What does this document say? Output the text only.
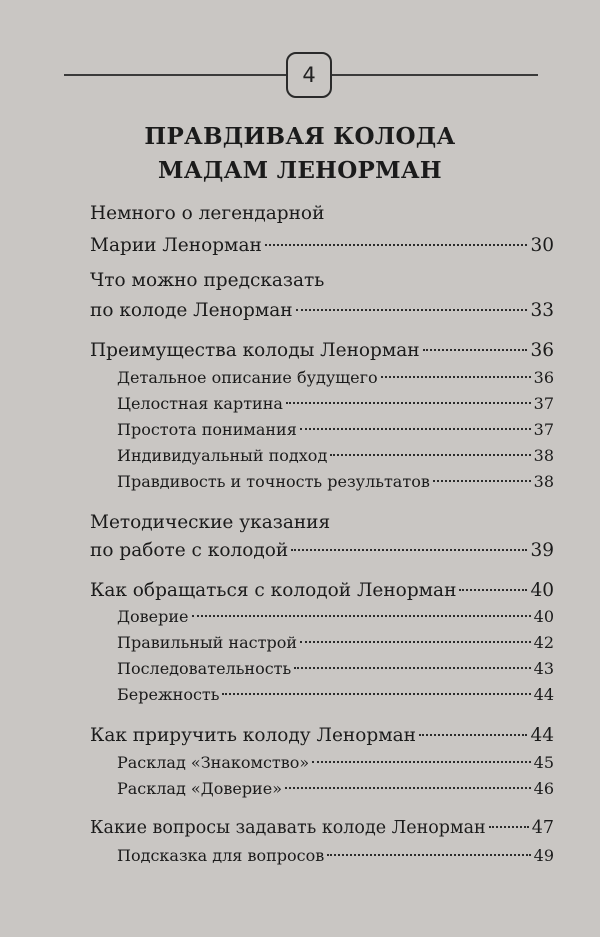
4
ПРАВДИВАЯ КОЛОДА
МАДАМ ЛЕНОРМАН
Немного о легендарной
Марии Ленорман	30
Что можно предсказать
по колоде Ленорман	33
Преимущества колоды Ленорман	36
Детальное описание будущего	36
Целостная картина	37
Простота понимания	37
Индивидуальный подход	38
Правдивость и точность результатов	38
Методические указания
по работе с колодой	39
Как обращаться с колодой Ленорман	40
Доверие	40
Правильный настрой	42
Последовательность	43
Бережность	44
Как приручить колоду Ленорман	44
Расклад «Знакомство»	45
Расклад «Доверие»	46
Какие вопросы задавать колоде Ленорман	47
Подсказка для вопросов	49
